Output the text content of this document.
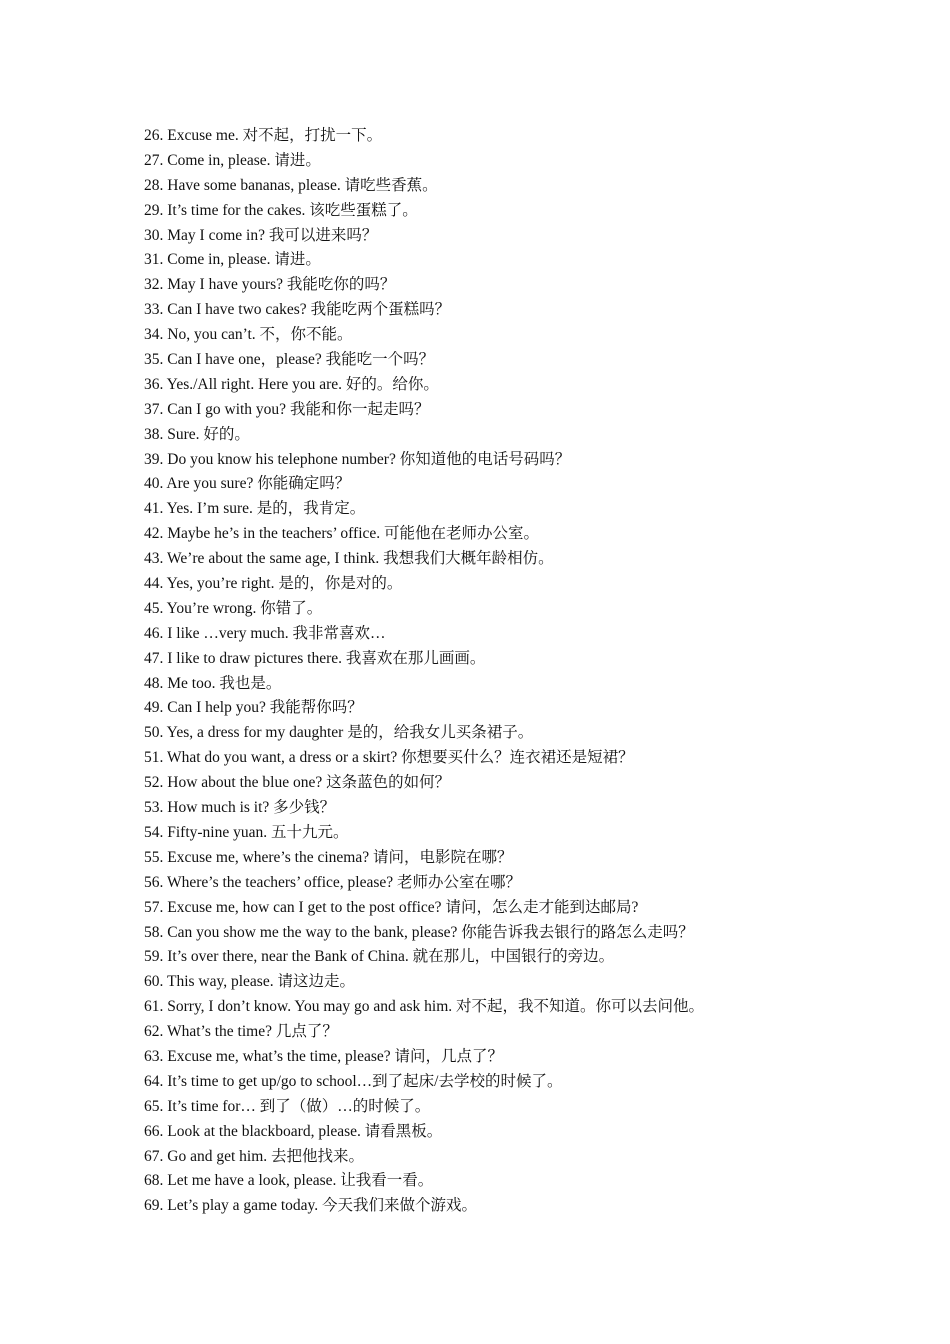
26. Excuse me. 对不起，打扰一下。
27. Come in, please. 请进。
28. Have some bananas, please. 请吃些香蕉。
29. It’s time for the cakes. 该吃些蛋糕了。
30. May I come in? 我可以进来吗？
31. Come in, please. 请进。
32. May I have yours? 我能吃你的吗？
33. Can I have two cakes? 我能吃两个蛋糕吗？
34. No, you can’t. 不，你不能。
35. Can I have one，please? 我能吃一个吗？
36. Yes./All right. Here you are. 好的。给你。
37. Can I go with you? 我能和你一起走吗？
38. Sure. 好的。
39. Do you know his telephone number? 你知道他的电话号码吗？
40. Are you sure? 你能确定吗？
41. Yes. I’m sure. 是的，我肯定。
42. Maybe he’s in the teachers’ office. 可能他在老师办公室。
43. We’re about the same age, I think. 我想我们大概年龄相仿。
44. Yes, you’re right. 是的，你是对的。
45. You’re wrong. 你错了。
46. I like …very much. 我非常喜欢…
47. I like to draw pictures there. 我喜欢在那儿画画。
48. Me too. 我也是。
49. Can I help you? 我能帮你吗？
50. Yes, a dress for my daughter 是的，给我女儿买条裙子。
51. What do you want, a dress or a skirt? 你想要买什么？连衣裙还是短裙？
52. How about the blue one? 这条蓝色的如何？
53. How much is it? 多少钱？
54. Fifty-nine yuan. 五十九元。
55. Excuse me, where’s the cinema? 请问，电影院在哪？
56. Where’s the teachers’ office, please? 老师办公室在哪？
57. Excuse me, how can I get to the post office? 请问，怎么走才能到达邮局?
58. Can you show me the way to the bank, please? 你能告诉我去银行的路怎么走吗？
59. It’s over there, near the Bank of China. 就在那儿，中国银行的旁边。
60. This way, please. 请这边走。
61. Sorry, I don’t know. You may go and ask him. 对不起，我不知道。你可以去问他。
62. What’s the time? 几点了？
63. Excuse me, what’s the time, please? 请问，几点了？
64. It’s time to get up/go to school…到了起床/去学校的时候了。
65. It’s time for… 到了（做）…的时候了。
66. Look at the blackboard, please. 请看黑板。
67. Go and get him. 去把他找来。
68. Let me have a look, please. 让我看一看。
69. Let’s play a game today. 今天我们来做个游戏。
